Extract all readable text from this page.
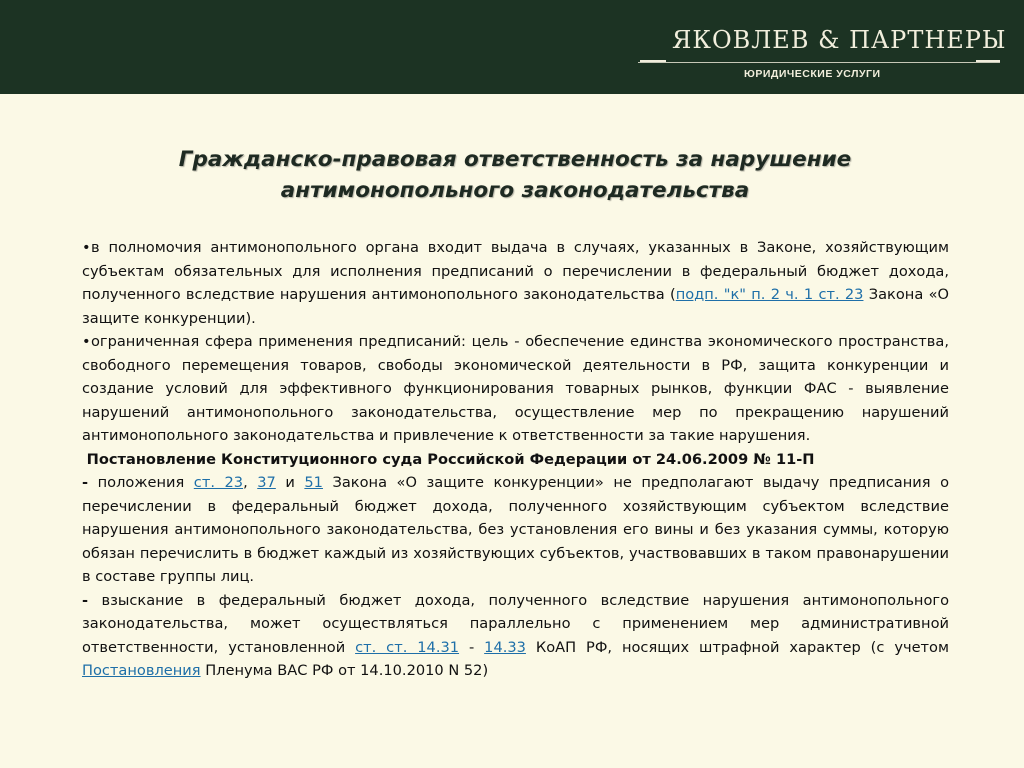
ЯКОВЛЕВ & ПАРТНЕРЫ
ЮРИДИЧЕСКИЕ УСЛУГИ
Гражданско-правовая ответственность за нарушение
антимонопольного законодательства

•в полномочия антимонопольного органа входит выдача в случаях, указанных в Законе, хозяйствующим субъектам обязательных для исполнения предписаний о перечислении в федеральный бюджет дохода, полученного вследствие нарушения антимонопольного законодательства (подп. "к" п. 2 ч. 1 ст. 23 Закона «О защите конкуренции).

•ограниченная сфера применения предписаний: цель - обеспечение единства экономического пространства, свободного перемещения товаров, свободы экономической деятельности в РФ, защита конкуренции и создание условий для эффективного функционирования товарных рынков, функции ФАС - выявление нарушений антимонопольного законодательства, осуществление мер по прекращению нарушений антимонопольного законодательства и привлечение к ответственности за такие нарушения.

Постановление Конституционного суда Российской Федерации от 24.06.2009 № 11-П

- положения ст. 23, 37 и 51 Закона «О защите конкуренции» не предполагают выдачу предписания о перечислении в федеральный бюджет дохода, полученного хозяйствующим субъектом вследствие нарушения антимонопольного законодательства, без установления его вины и без указания суммы, которую обязан перечислить в бюджет каждый из хозяйствующих субъектов, участвовавших в таком правонарушении в составе группы лиц.

- взыскание в федеральный бюджет дохода, полученного вследствие нарушения антимонопольного законодательства, может осуществляться параллельно с применением мер административной ответственности, установленной ст. ст. 14.31 - 14.33 КоАП РФ, носящих штрафной характер (с учетом Постановления Пленума ВАС РФ от 14.10.2010 N 52)
